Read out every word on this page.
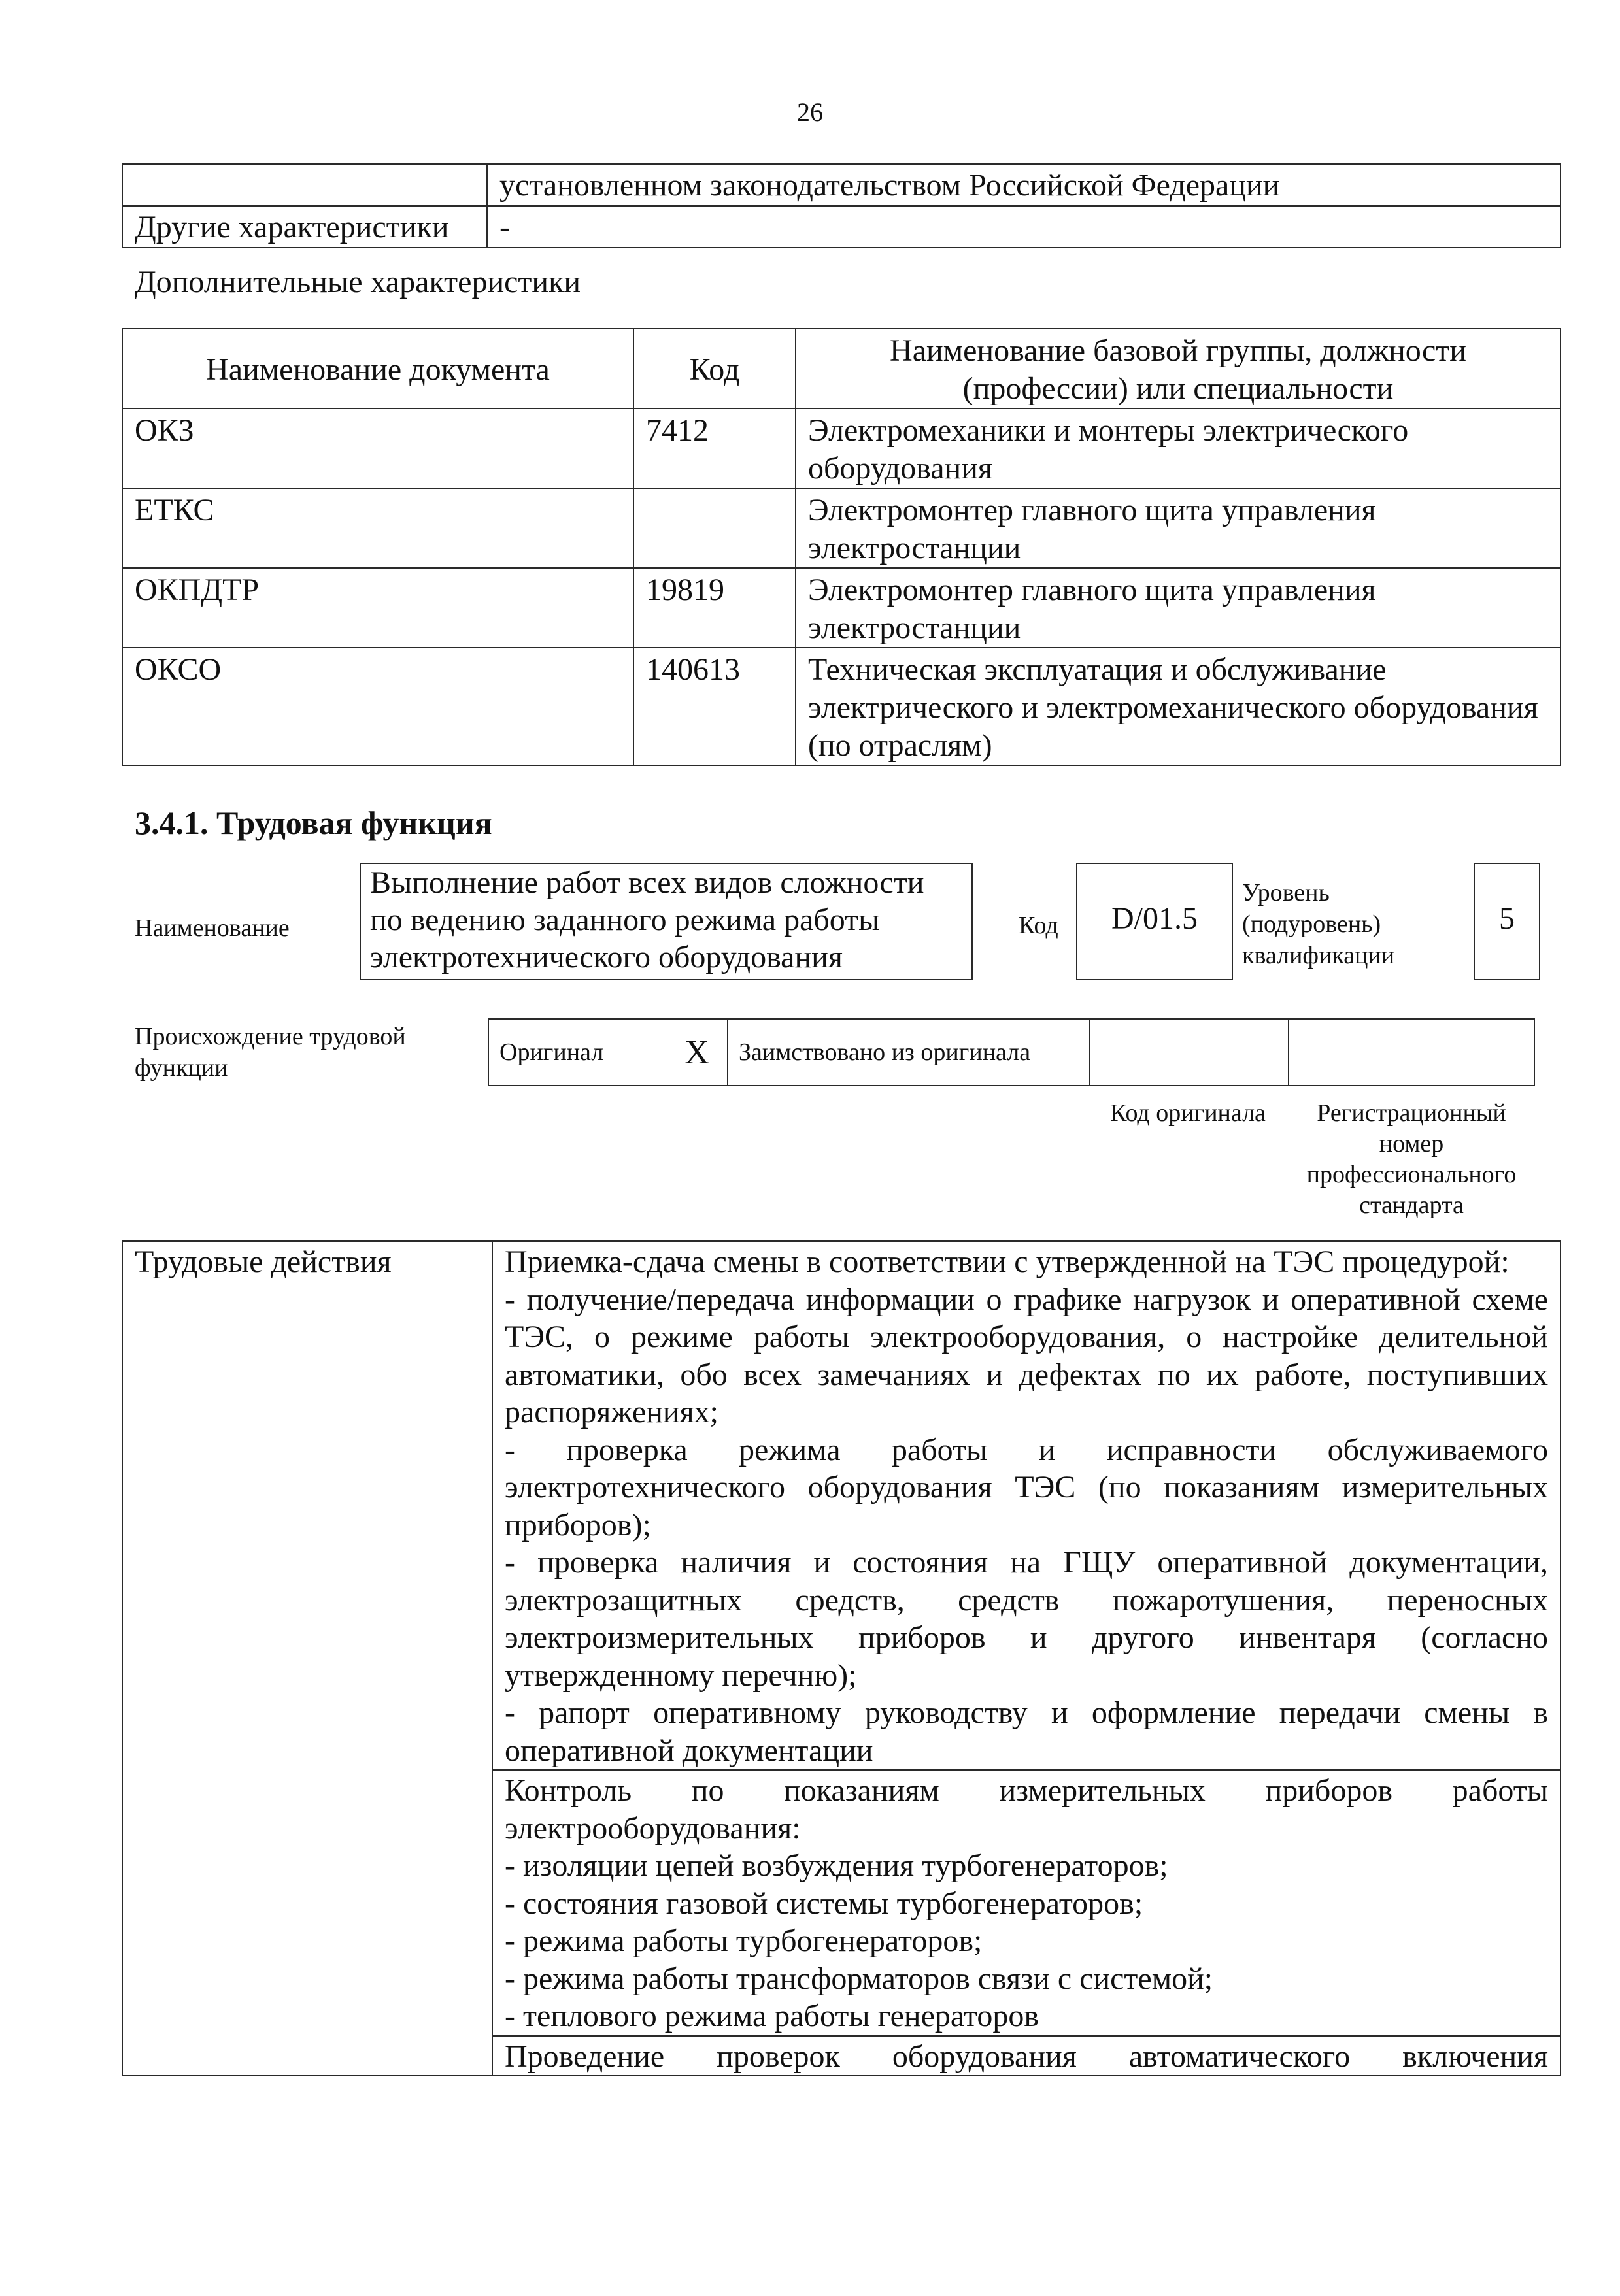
26
	установленном законодательством Российской Федерации
Другие характеристики	-
Дополнительные характеристики
Наименование документа	Код	Наименование базовой группы, должности (профессии) или специальности
ОКЗ	7412	Электромеханики и монтеры электрического оборудования
ЕТКС		Электромонтер главного щита управления электростанции
ОКПДТР	19819	Электромонтер главного щита управления электростанции
ОКСО	140613	Техническая эксплуатация и обслуживание электрического и электромеханического оборудования (по отраслям)
3.4.1. Трудовая функция
Наименование
Выполнение работ всех видов сложности по ведению заданного режима работы электротехнического оборудования
Код	D/01.5
Уровень (подуровень) квалификации
5
Происхождение трудовой функции
Оригинал	X	Заимствовано из оригинала		
Код оригинала	Регистрационный номер профессионального стандарта
Трудовые действия	Приемка-сдача смены в соответствии с утвержденной на ТЭС процедурой:
- получение/передача информации о графике нагрузок и оперативной схеме ТЭС, о режиме работы электрооборудования, о настройке делительной автоматики, обо всех замечаниях и дефектах по их работе, поступивших распоряжениях;
- проверка режима работы и исправности обслуживаемого электротехнического оборудования ТЭС (по показаниям измерительных приборов);
- проверка наличия и состояния на ГЩУ оперативной документации, электрозащитных средств, средств пожаротушения, переносных электроизмерительных приборов и другого инвентаря (согласно утвержденному перечню);
- рапорт оперативному руководству и оформление передачи смены в оперативной документации

Контроль по показаниям измерительных приборов работы электрооборудования:
- изоляции цепей возбуждения турбогенераторов;
- состояния газовой системы турбогенераторов;
- режима работы турбогенераторов;
- режима работы трансформаторов связи с системой;
- теплового режима работы генераторов

Проведение проверок оборудования автоматического включения
